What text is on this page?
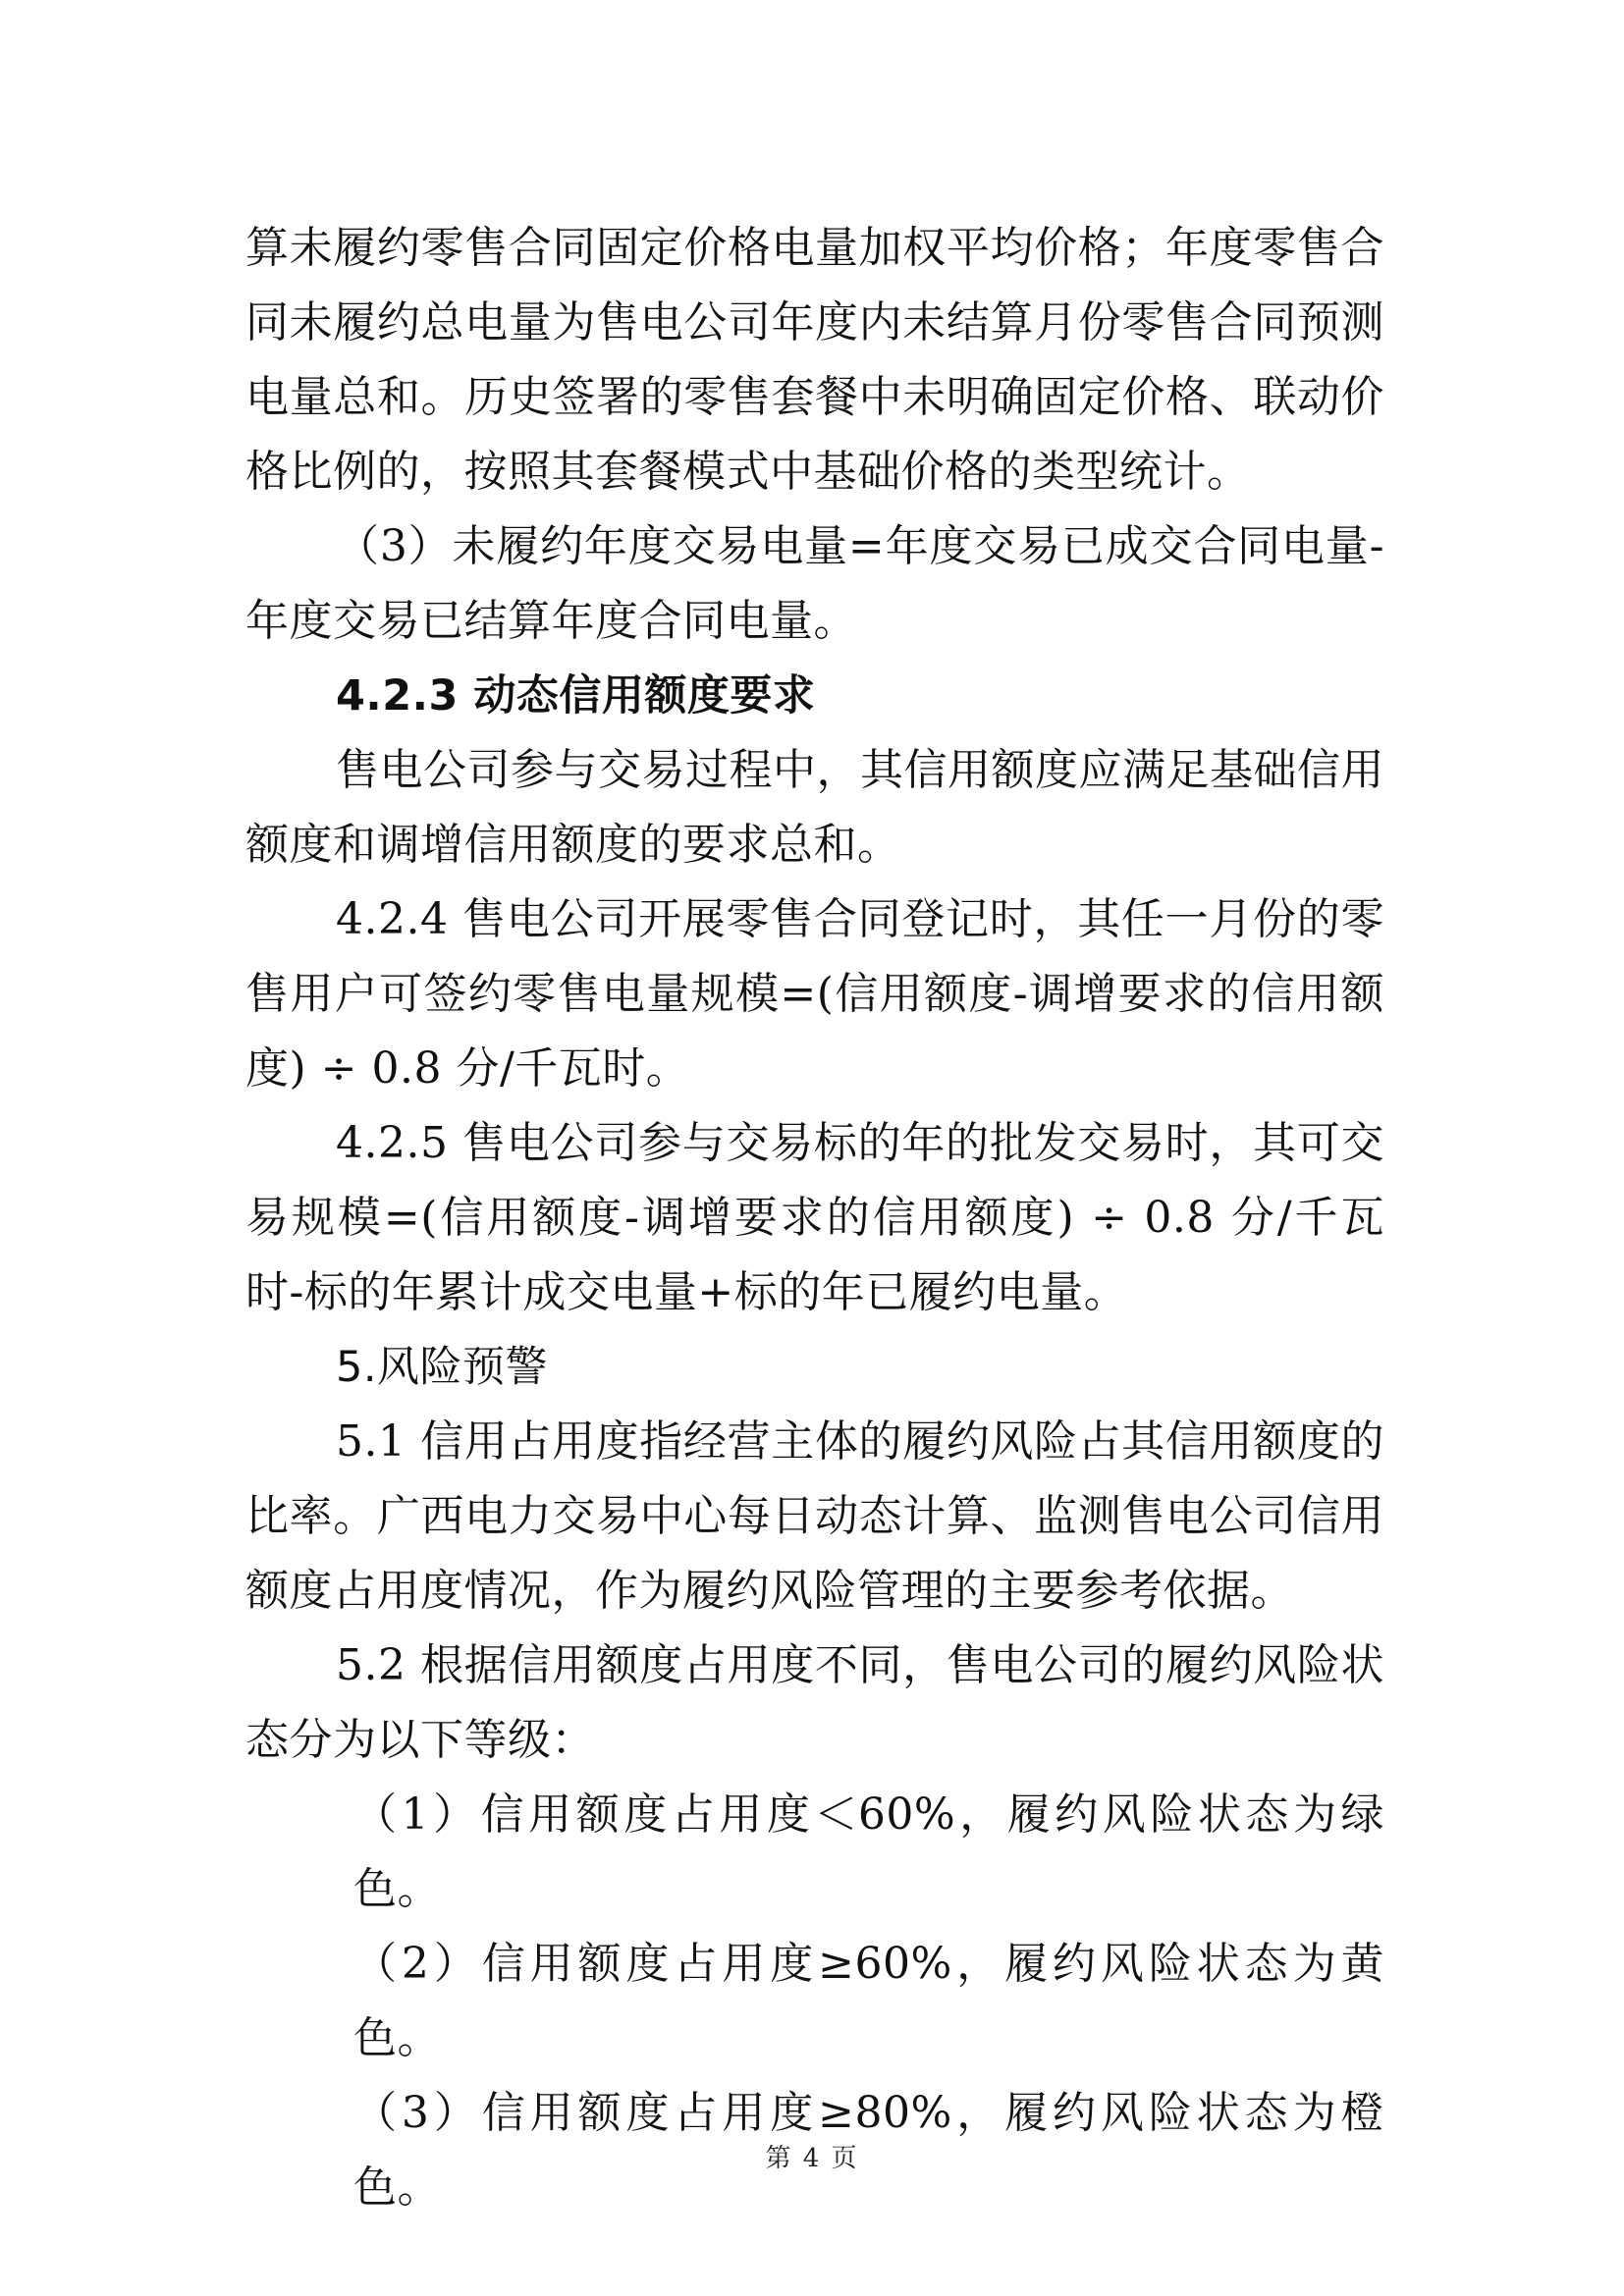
算未履约零售合同固定价格电量加权平均价格；年度零售合同未履约总电量为售电公司年度内未结算月份零售合同预测电量总和。历史签署的零售套餐中未明确固定价格、联动价格比例的，按照其套餐模式中基础价格的类型统计。

（3）未履约年度交易电量=年度交易已成交合同电量-年度交易已结算年度合同电量。

4.2.3 动态信用额度要求

售电公司参与交易过程中，其信用额度应满足基础信用额度和调增信用额度的要求总和。

4.2.4 售电公司开展零售合同登记时，其任一月份的零售用户可签约零售电量规模=(信用额度-调增要求的信用额度) ÷ 0.8 分/千瓦时。

4.2.5 售电公司参与交易标的年的批发交易时，其可交易规模=(信用额度-调增要求的信用额度) ÷ 0.8 分/千瓦时-标的年累计成交电量+标的年已履约电量。

5.风险预警

5.1 信用占用度指经营主体的履约风险占其信用额度的比率。广西电力交易中心每日动态计算、监测售电公司信用额度占用度情况，作为履约风险管理的主要参考依据。

5.2 根据信用额度占用度不同，售电公司的履约风险状态分为以下等级：

（1）信用额度占用度＜60%，履约风险状态为绿色。

（2）信用额度占用度≥60%，履约风险状态为黄色。

（3）信用额度占用度≥80%，履约风险状态为橙色。

第 4 页
